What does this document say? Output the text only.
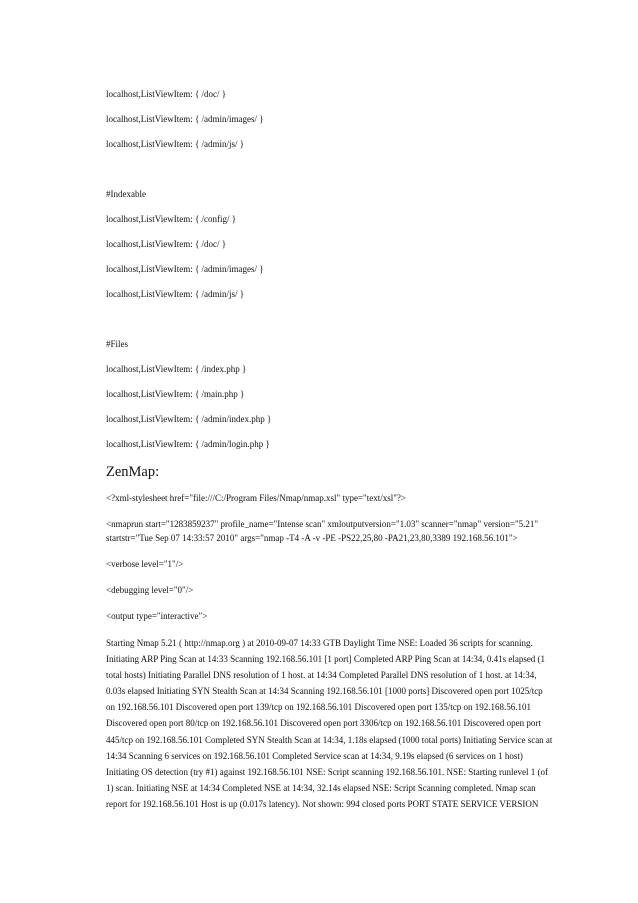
localhost,ListViewItem: { /doc/ }
localhost,ListViewItem: { /admin/images/ }
localhost,ListViewItem: { /admin/js/ }
#Indexable
localhost,ListViewItem: { /config/ }
localhost,ListViewItem: { /doc/ }
localhost,ListViewItem: { /admin/images/ }
localhost,ListViewItem: { /admin/js/ }
#Files
localhost,ListViewItem: { /index.php }
localhost,ListViewItem: { /main.php }
localhost,ListViewItem: { /admin/index.php }
localhost,ListViewItem: { /admin/login.php }
ZenMap:
<?xml-stylesheet href="file:///C:/Program Files/Nmap/nmap.xsl" type="text/xsl"?>
<nmaprun start="1283859237" profile_name="Intense scan" xmloutputversion="1.03" scanner="nmap" version="5.21"
startstr="Tue Sep 07 14:33:57 2010" args="nmap -T4 -A -v -PE -PS22,25,80 -PA21,23,80,3389 192.168.56.101">
<verbose level="1"/>
<debugging level="0"/>
<output type="interactive">
Starting Nmap 5.21 ( http://nmap.org ) at 2010-09-07 14:33 GTB Daylight Time NSE: Loaded 36 scripts for scanning.
Initiating ARP Ping Scan at 14:33 Scanning 192.168.56.101 [1 port] Completed ARP Ping Scan at 14:34, 0.41s elapsed (1
total hosts) Initiating Parallel DNS resolution of 1 host. at 14:34 Completed Parallel DNS resolution of 1 host. at 14:34,
0.03s elapsed Initiating SYN Stealth Scan at 14:34 Scanning 192.168.56.101 [1000 ports] Discovered open port 1025/tcp
on 192.168.56.101 Discovered open port 139/tcp on 192.168.56.101 Discovered open port 135/tcp on 192.168.56.101
Discovered open port 80/tcp on 192.168.56.101 Discovered open port 3306/tcp on 192.168.56.101 Discovered open port
445/tcp on 192.168.56.101 Completed SYN Stealth Scan at 14:34, 1.18s elapsed (1000 total ports) Initiating Service scan at
14:34 Scanning 6 services on 192.168.56.101 Completed Service scan at 14:34, 9.19s elapsed (6 services on 1 host)
Initiating OS detection (try #1) against 192.168.56.101 NSE: Script scanning 192.168.56.101. NSE: Starting runlevel 1 (of
1) scan. Initiating NSE at 14:34 Completed NSE at 14:34, 32.14s elapsed NSE: Script Scanning completed. Nmap scan
report for 192.168.56.101 Host is up (0.017s latency). Not shown: 994 closed ports PORT STATE SERVICE VERSION
